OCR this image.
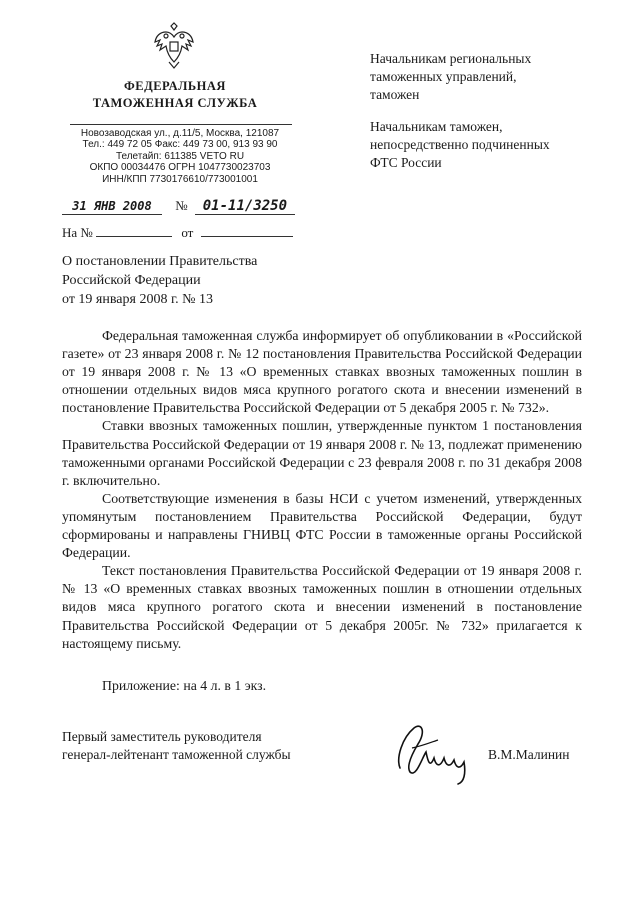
ФЕДЕРАЛЬНАЯ
ТАМОЖЕННАЯ СЛУЖБА
Новозаводская ул., д.11/5, Москва, 121087
Тел.: 449 72 05 Факс: 449 73 00, 913 93 90
Телетайп: 611385 VETO RU
ОКПО 00034476 ОГРН 1047730023703
ИНН/КПП 7730176610/773001001
31 ЯНВ 2008 № 01-11/3250
На №	от
Начальникам региональных
таможенных управлений,
таможен
Начальникам таможен,
непосредственно подчиненных
ФТС России
О постановлении Правительства
Российской Федерации
от 19 января 2008 г. № 13

Федеральная таможенная служба информирует об опубликовании в «Российской газете» от 23 января 2008 г. № 12 постановления Правительства Российской Федерации от 19 января 2008 г. № 13 «О временных ставках ввозных таможенных пошлин в отношении отдельных видов мяса крупного рогатого скота и внесении изменений в постановление Правительства Российской Федерации от 5 декабря 2005 г. № 732».

Ставки ввозных таможенных пошлин, утвержденные пунктом 1 постановления Правительства Российской Федерации от 19 января 2008 г. № 13, подлежат применению таможенными органами Российской Федерации с 23 февраля 2008 г. по 31 декабря 2008 г. включительно.

Соответствующие изменения в базы НСИ с учетом изменений, утвержденных упомянутым постановлением Правительства Российской Федерации, будут сформированы и направлены ГНИВЦ ФТС России в таможенные органы Российской Федерации.

Текст постановления Правительства Российской Федерации от 19 января 2008 г. № 13 «О временных ставках ввозных таможенных пошлин в отношении отдельных видов мяса крупного рогатого скота и внесении изменений в постановление Правительства Российской Федерации от 5 декабря 2005г. № 732» прилагается к настоящему письму.

Приложение: на 4 л. в 1 экз.
Первый заместитель руководителя
генерал-лейтенант таможенной службы	В.М.Малинин
